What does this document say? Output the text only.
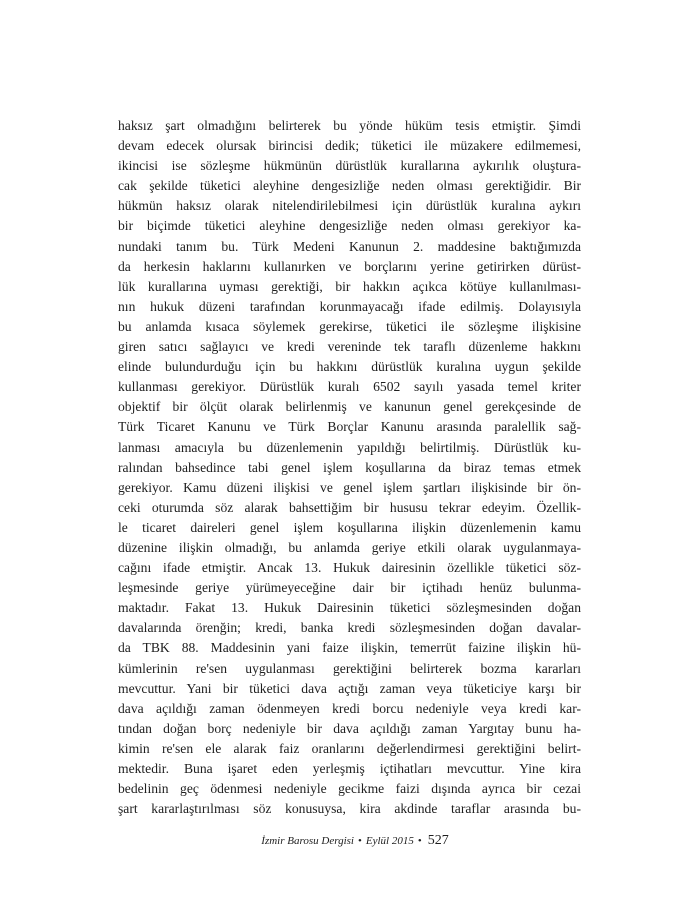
haksız şart olmadığını belirterek bu yönde hüküm tesis etmiştir. Şimdi
devam edecek olursak birincisi dedik; tüketici ile müzakere edilmemesi,
ikincisi ise sözleşme hükmünün dürüstlük kurallarına aykırılık oluştura-
cak şekilde tüketici aleyhine dengesizliğe neden olması gerektiğidir. Bir
hükmün haksız olarak nitelendirilebilmesi için dürüstlük kuralına aykırı
bir biçimde tüketici aleyhine dengesizliğe neden olması gerekiyor ka-
nundaki tanım bu. Türk Medeni Kanunun 2. maddesine baktığımızda
da herkesin haklarını kullanırken ve borçlarını yerine getirirken dürüst-
lük kurallarına uyması gerektiği, bir hakkın açıkca kötüye kullanılması-
nın hukuk düzeni tarafından korunmayacağı ifade edilmiş. Dolayısıyla
bu anlamda kısaca söylemek gerekirse, tüketici ile sözleşme ilişkisine
giren satıcı sağlayıcı ve kredi vereninde tek taraflı düzenleme hakkını
elinde bulundurduğu için bu hakkını dürüstlük kuralına uygun şekilde
kullanması gerekiyor. Dürüstlük kuralı 6502 sayılı yasada temel kriter
objektif bir ölçüt olarak belirlenmiş ve kanunun genel gerekçesinde de
Türk Ticaret Kanunu ve Türk Borçlar Kanunu arasında paralellik sağ-
lanması amacıyla bu düzenlemenin yapıldığı belirtilmiş. Dürüstlük ku-
ralından bahsedince tabi genel işlem koşullarına da biraz temas etmek
gerekiyor. Kamu düzeni ilişkisi ve genel işlem şartları ilişkisinde bir ön-
ceki oturumda söz alarak bahsettiğim bir hususu tekrar edeyim. Özellik-
le ticaret daireleri genel işlem koşullarına ilişkin düzenlemenin kamu
düzenine ilişkin olmadığı, bu anlamda geriye etkili olarak uygulanmaya-
cağını ifade etmiştir. Ancak 13. Hukuk dairesinin özellikle tüketici söz-
leşmesinde geriye yürümeyeceğine dair bir içtihadı henüz bulunma-
maktadır. Fakat 13. Hukuk Dairesinin tüketici sözleşmesinden doğan
davalarında örenğin; kredi, banka kredi sözleşmesinden doğan davalar-
da TBK 88. Maddesinin yani faize ilişkin, temerrüt faizine ilişkin hü-
kümlerinin re'sen uygulanması gerektiğini belirterek bozma kararları
mevcuttur. Yani bir tüketici dava açtığı zaman veya tüketiciye karşı bir
dava açıldığı zaman ödenmeyen kredi borcu nedeniyle veya kredi kar-
tından doğan borç nedeniyle bir dava açıldığı zaman Yargıtay bunu ha-
kimin re'sen ele alarak faiz oranlarını değerlendirmesi gerektiğini belirt-
mektedir. Buna işaret eden yerleşmiş içtihatları mevcuttur. Yine kira
bedelinin geç ödenmesi nedeniyle gecikme faizi dışında ayrıca bir cezai
şart kararlaştırılması söz konusuysa, kira akdinde taraflar arasında bu-
İzmir Barosu Dergisi • Eylül 2015 • 527
